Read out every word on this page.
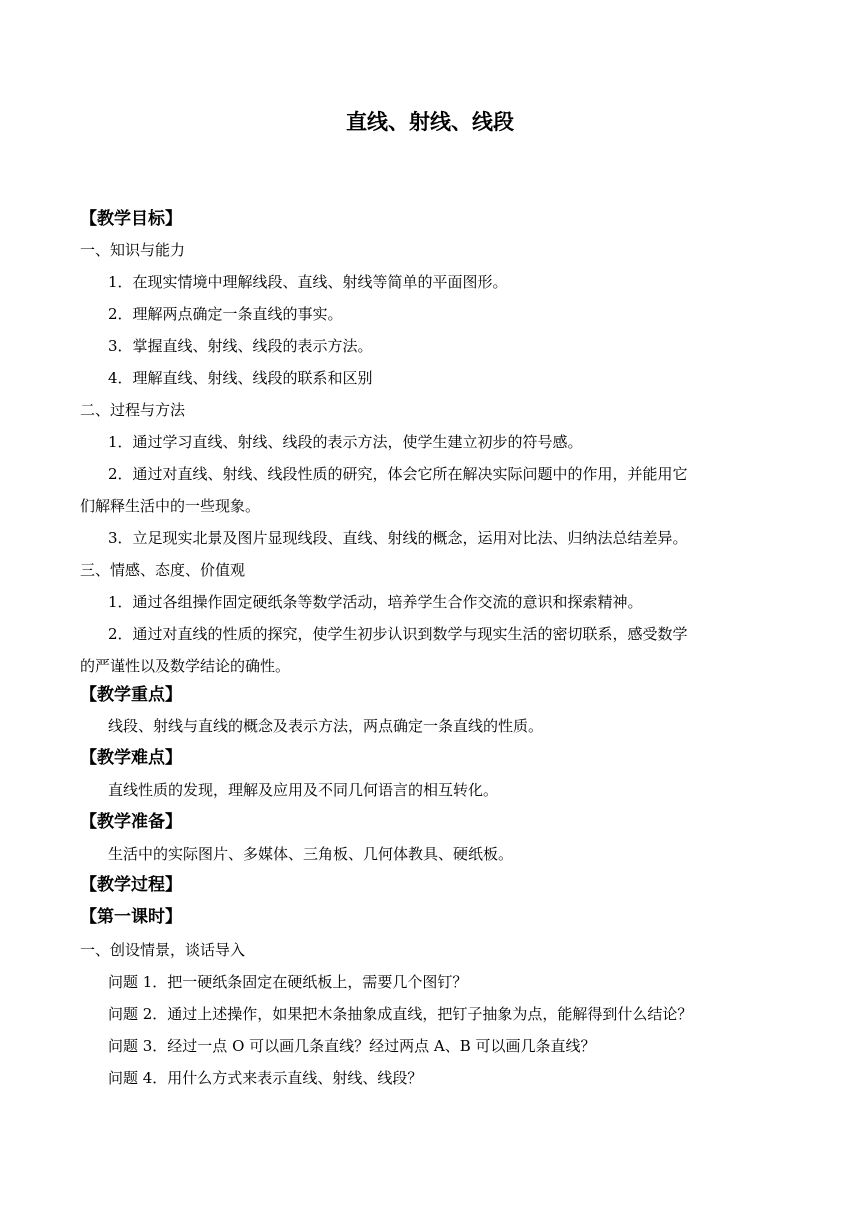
直线、射线、线段
【教学目标】
一、知识与能力
1．在现实情境中理解线段、直线、射线等简单的平面图形。
2．理解两点确定一条直线的事实。
3．掌握直线、射线、线段的表示方法。
4．理解直线、射线、线段的联系和区别
二、过程与方法
1．通过学习直线、射线、线段的表示方法，使学生建立初步的符号感。
2．通过对直线、射线、线段性质的研究，体会它所在解决实际问题中的作用，并能用它
们解释生活中的一些现象。
3．立足现实北景及图片显现线段、直线、射线的概念，运用对比法、归纳法总结差异。
三、情感、态度、价值观
1．通过各组操作固定硬纸条等数学活动，培养学生合作交流的意识和探索精神。
2．通过对直线的性质的探究，使学生初步认识到数学与现实生活的密切联系，感受数学
的严谨性以及数学结论的确性。
【教学重点】
线段、射线与直线的概念及表示方法，两点确定一条直线的性质。
【教学难点】
直线性质的发现，理解及应用及不同几何语言的相互转化。
【教学准备】
生活中的实际图片、多媒体、三角板、几何体教具、硬纸板。
【教学过程】
【第一课时】
一、创设情景，谈话导入
问题 1．把一硬纸条固定在硬纸板上，需要几个图钉？
问题 2．通过上述操作，如果把木条抽象成直线，把钉子抽象为点，能解得到什么结论？
问题 3．经过一点 O 可以画几条直线？经过两点 A、B 可以画几条直线？
问题 4．用什么方式来表示直线、射线、线段？
